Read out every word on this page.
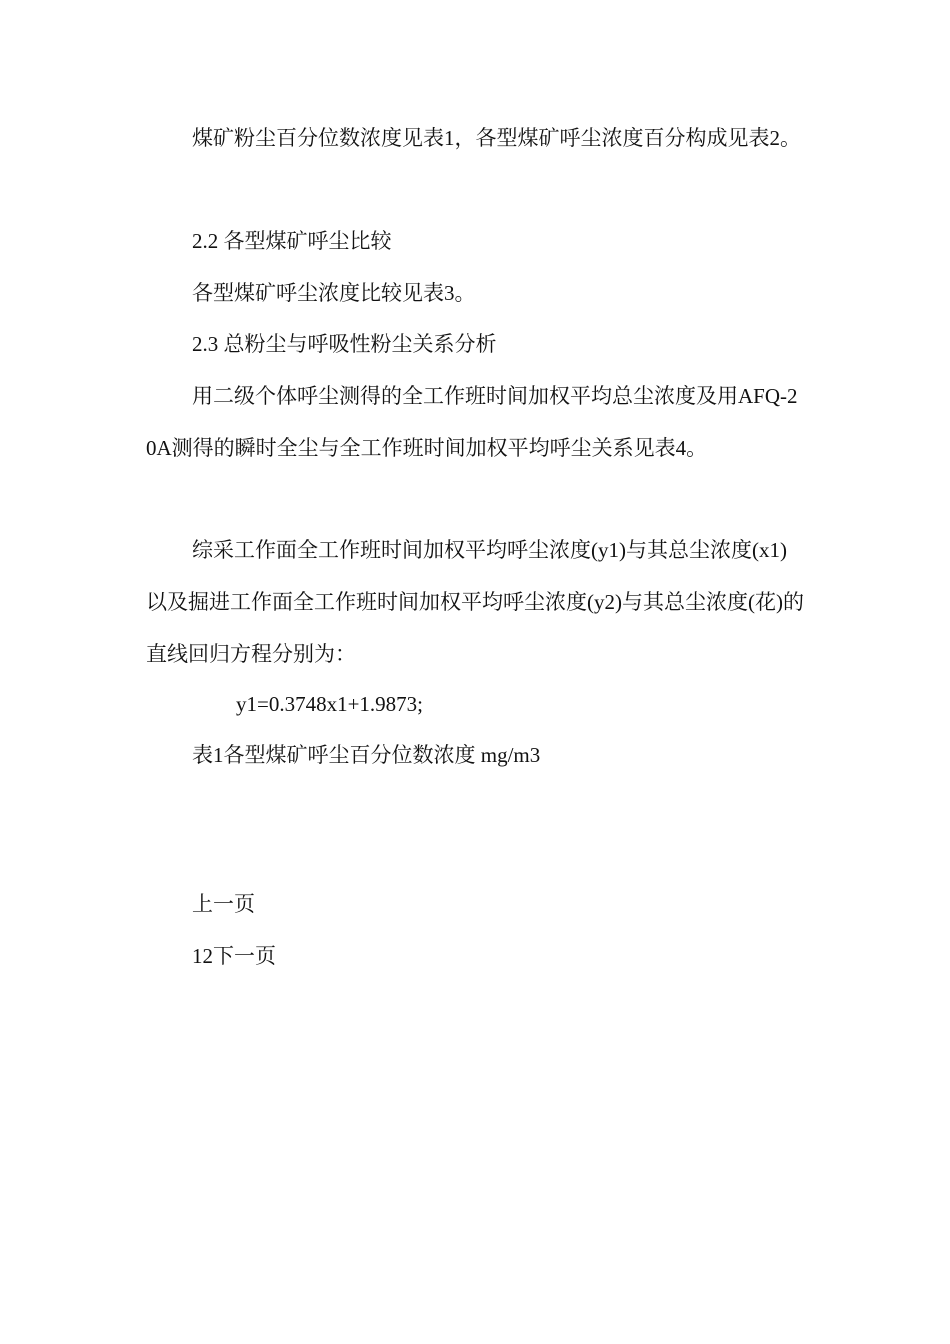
煤矿粉尘百分位数浓度见表1，各型煤矿呼尘浓度百分构成见表2。

2.2 各型煤矿呼尘比较

各型煤矿呼尘浓度比较见表3。

2.3 总粉尘与呼吸性粉尘关系分析

用二级个体呼尘测得的全工作班时间加权平均总尘浓度及用AFQ-20A测得的瞬时全尘与全工作班时间加权平均呼尘关系见表4。

综采工作面全工作班时间加权平均呼尘浓度(y1)与其总尘浓度(x1)以及掘进工作面全工作班时间加权平均呼尘浓度(y2)与其总尘浓度(花)的直线回归方程分别为：

y1=0.3748x1+1.9873;

表1各型煤矿呼尘百分位数浓度 mg/m3

上一页

12下一页
